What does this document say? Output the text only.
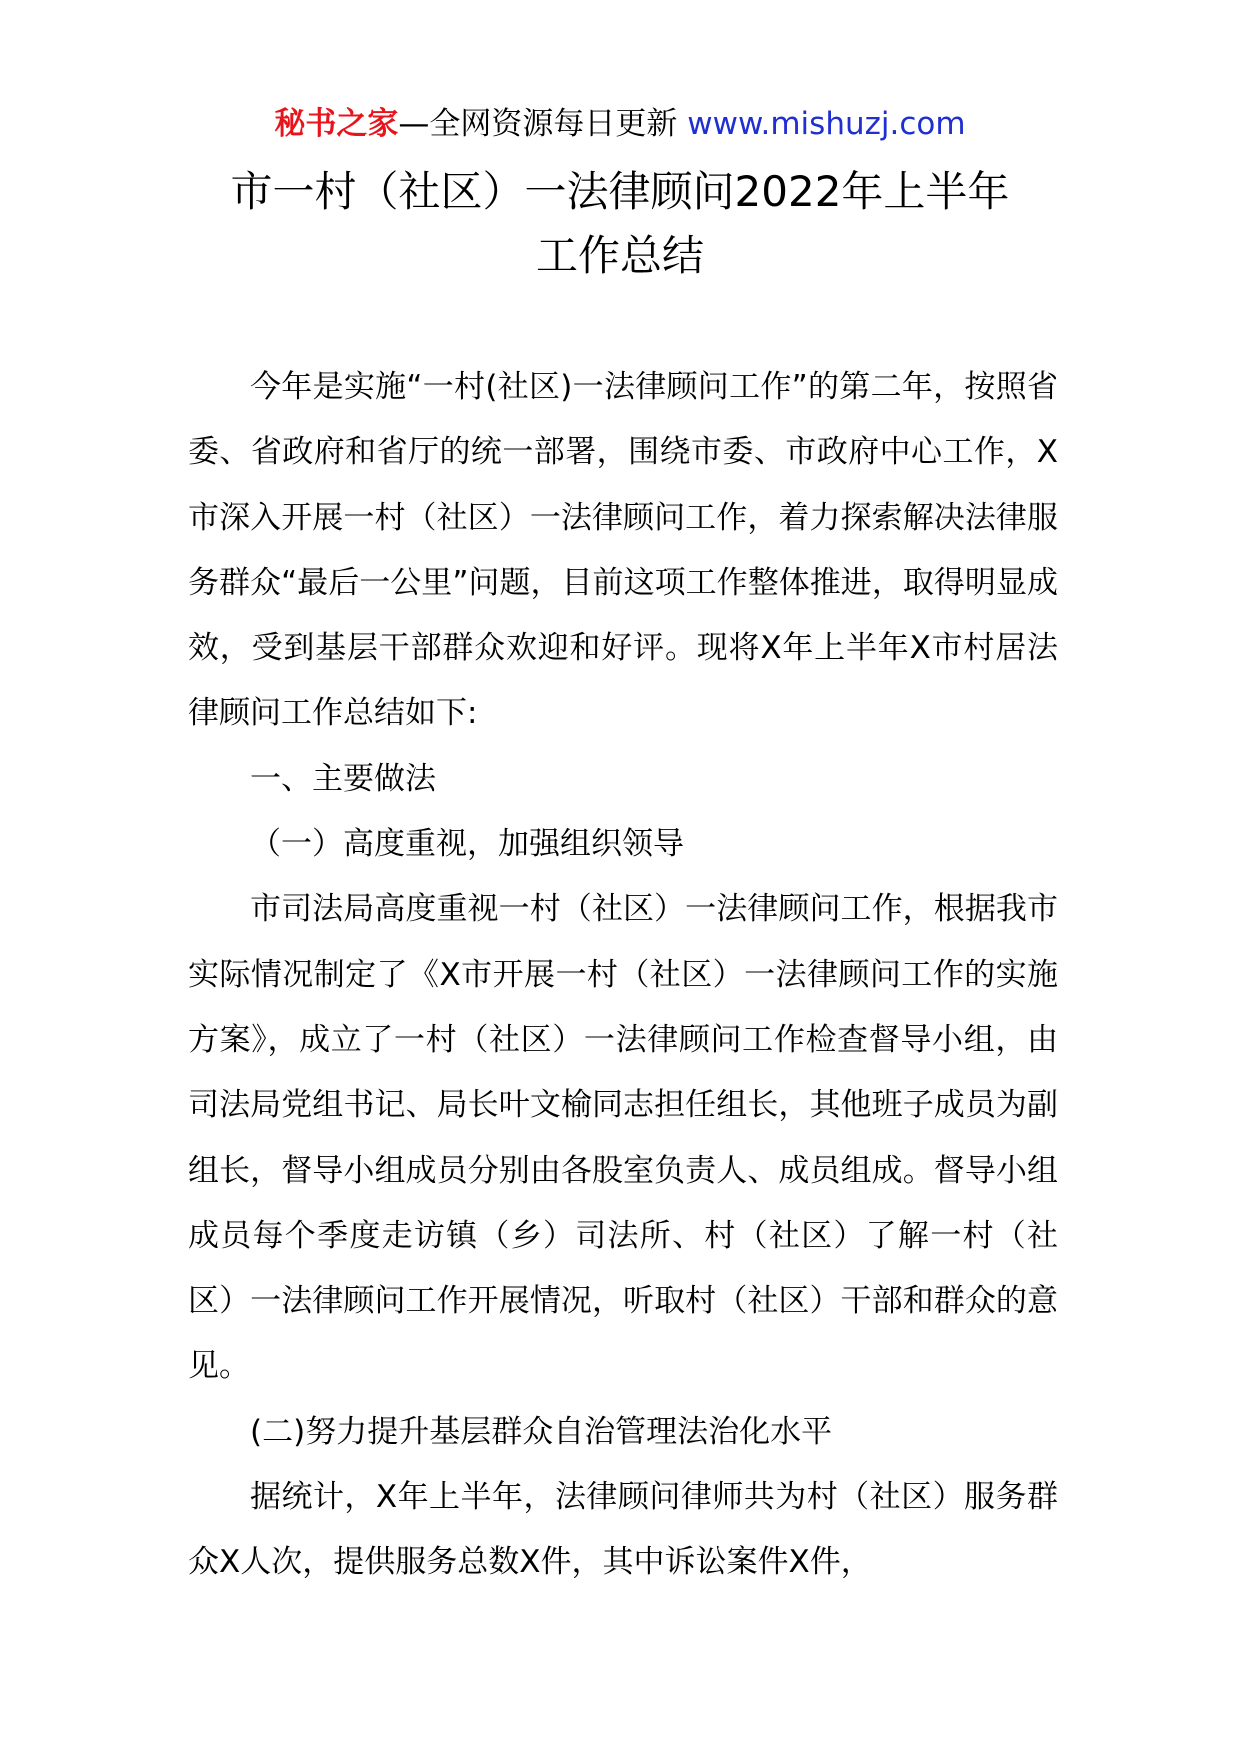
秘书之家—全网资源每日更新 www.mishuzj.com
市一村（社区）一法律顾问2022年上半年
工作总结

今年是实施“一村(社区)一法律顾问工作”的第二年，按照省委、省政府和省厅的统一部署，围绕市委、市政府中心工作，X市深入开展一村（社区）一法律顾问工作，着力探索解决法律服务群众“最后一公里”问题，目前这项工作整体推进，取得明显成效，受到基层干部群众欢迎和好评。现将X年上半年X市村居法律顾问工作总结如下:

一、主要做法

（一）高度重视，加强组织领导

市司法局高度重视一村（社区）一法律顾问工作，根据我市实际情况制定了《X市开展一村（社区）一法律顾问工作的实施方案》，成立了一村（社区）一法律顾问工作检查督导小组，由司法局党组书记、局长叶文榆同志担任组长，其他班子成员为副组长，督导小组成员分别由各股室负责人、成员组成。督导小组成员每个季度走访镇（乡）司法所、村（社区）了解一村（社区）一法律顾问工作开展情况，听取村（社区）干部和群众的意见。

(二)努力提升基层群众自治管理法治化水平

据统计，X年上半年，法律顾问律师共为村（社区）服务群众X人次，提供服务总数X件，其中诉讼案件X件，
